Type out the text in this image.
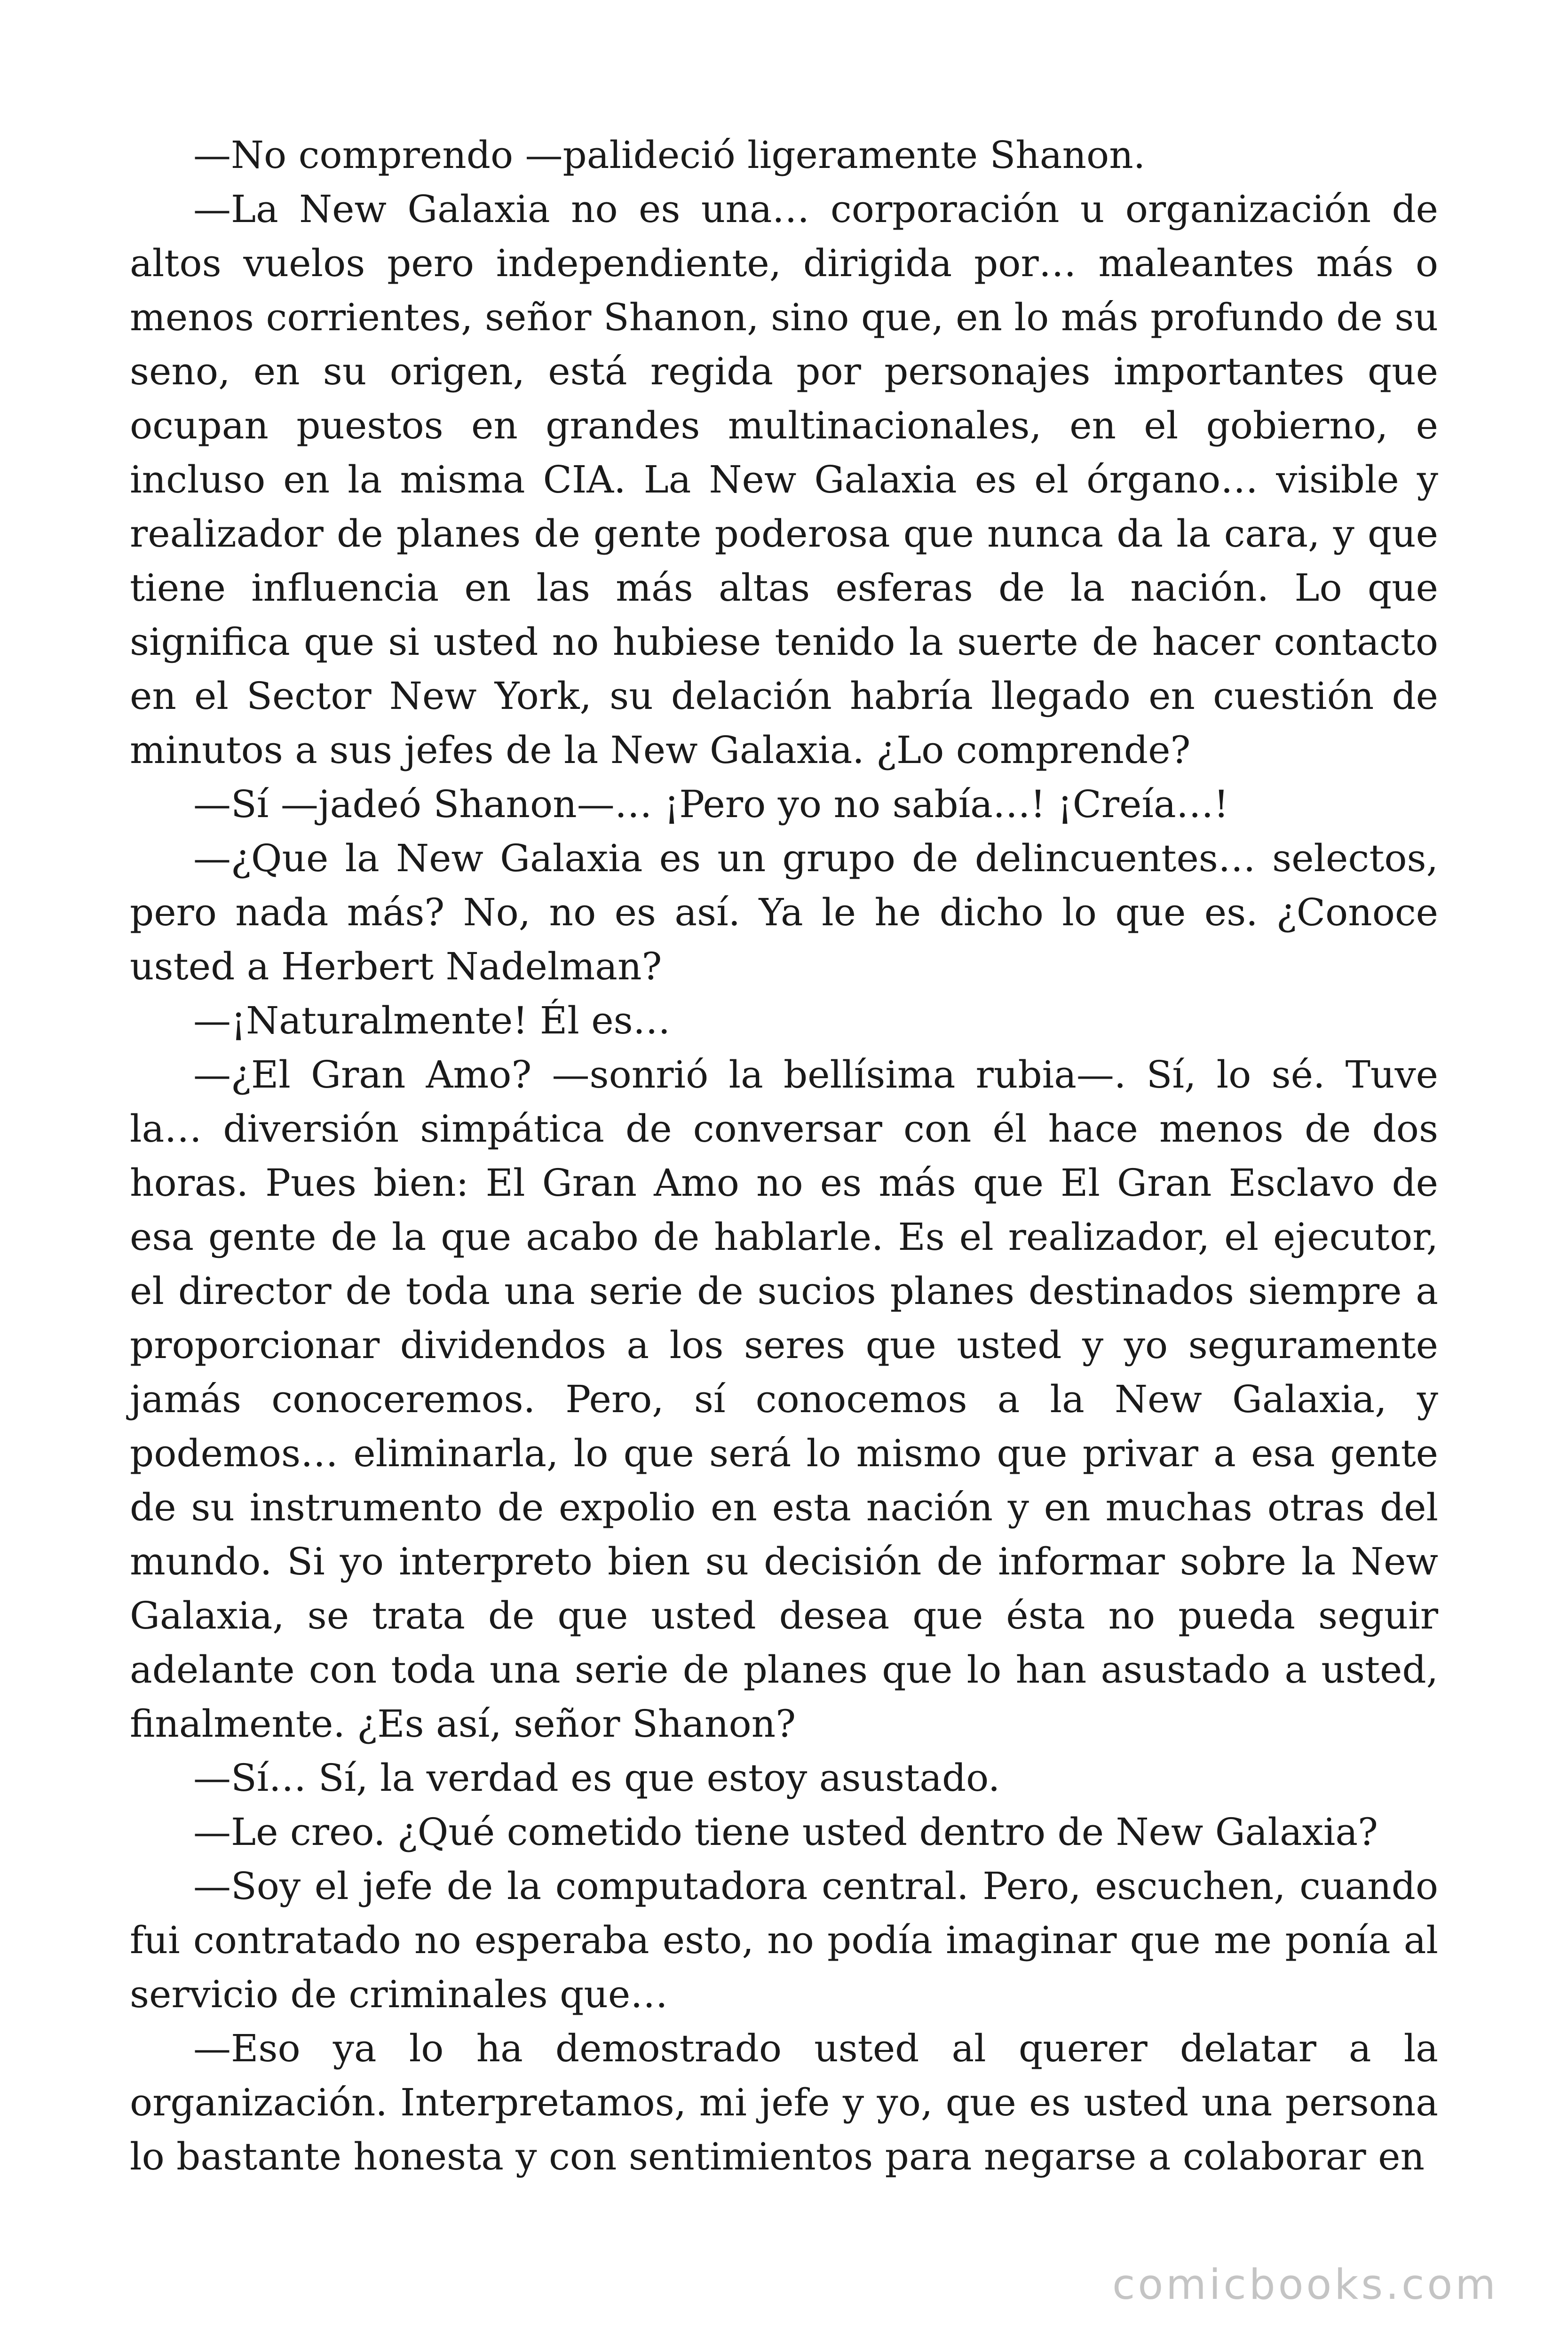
—No comprendo —palideció ligeramente Shanon.

—La New Galaxia no es una… corporación u organización de altos vuelos pero independiente, dirigida por… maleantes más o menos corrientes, señor Shanon, sino que, en lo más profundo de su seno, en su origen, está regida por personajes importantes que ocupan puestos en grandes multinacionales, en el gobierno, e incluso en la misma CIA. La New Galaxia es el órgano… visible y realizador de planes de gente poderosa que nunca da la cara, y que tiene influencia en las más altas esferas de la nación. Lo que significa que si usted no hubiese tenido la suerte de hacer contacto en el Sector New York, su delación habría llegado en cuestión de minutos a sus jefes de la New Galaxia. ¿Lo comprende?

—Sí —jadeó Shanon—… ¡Pero yo no sabía…! ¡Creía…!

—¿Que la New Galaxia es un grupo de delincuentes… selectos, pero nada más? No, no es así. Ya le he dicho lo que es. ¿Conoce usted a Herbert Nadelman?

—¡Naturalmente! Él es…

—¿El Gran Amo? —sonrió la bellísima rubia—. Sí, lo sé. Tuve la… diversión simpática de conversar con él hace menos de dos horas. Pues bien: El Gran Amo no es más que El Gran Esclavo de esa gente de la que acabo de hablarle. Es el realizador, el ejecutor, el director de toda una serie de sucios planes destinados siempre a proporcionar dividendos a los seres que usted y yo seguramente jamás conoceremos. Pero, sí conocemos a la New Galaxia, y podemos… eliminarla, lo que será lo mismo que privar a esa gente de su instrumento de expolio en esta nación y en muchas otras del mundo. Si yo interpreto bien su decisión de informar sobre la New Galaxia, se trata de que usted desea que ésta no pueda seguir adelante con toda una serie de planes que lo han asustado a usted, finalmente. ¿Es así, señor Shanon?

—Sí… Sí, la verdad es que estoy asustado.

—Le creo. ¿Qué cometido tiene usted dentro de New Galaxia?

—Soy el jefe de la computadora central. Pero, escuchen, cuando fui contratado no esperaba esto, no podía imaginar que me ponía al servicio de criminales que…

—Eso ya lo ha demostrado usted al querer delatar a la organización. Interpretamos, mi jefe y yo, que es usted una persona lo bastante honesta y con sentimientos para negarse a colaborar en

comicbooks.com
